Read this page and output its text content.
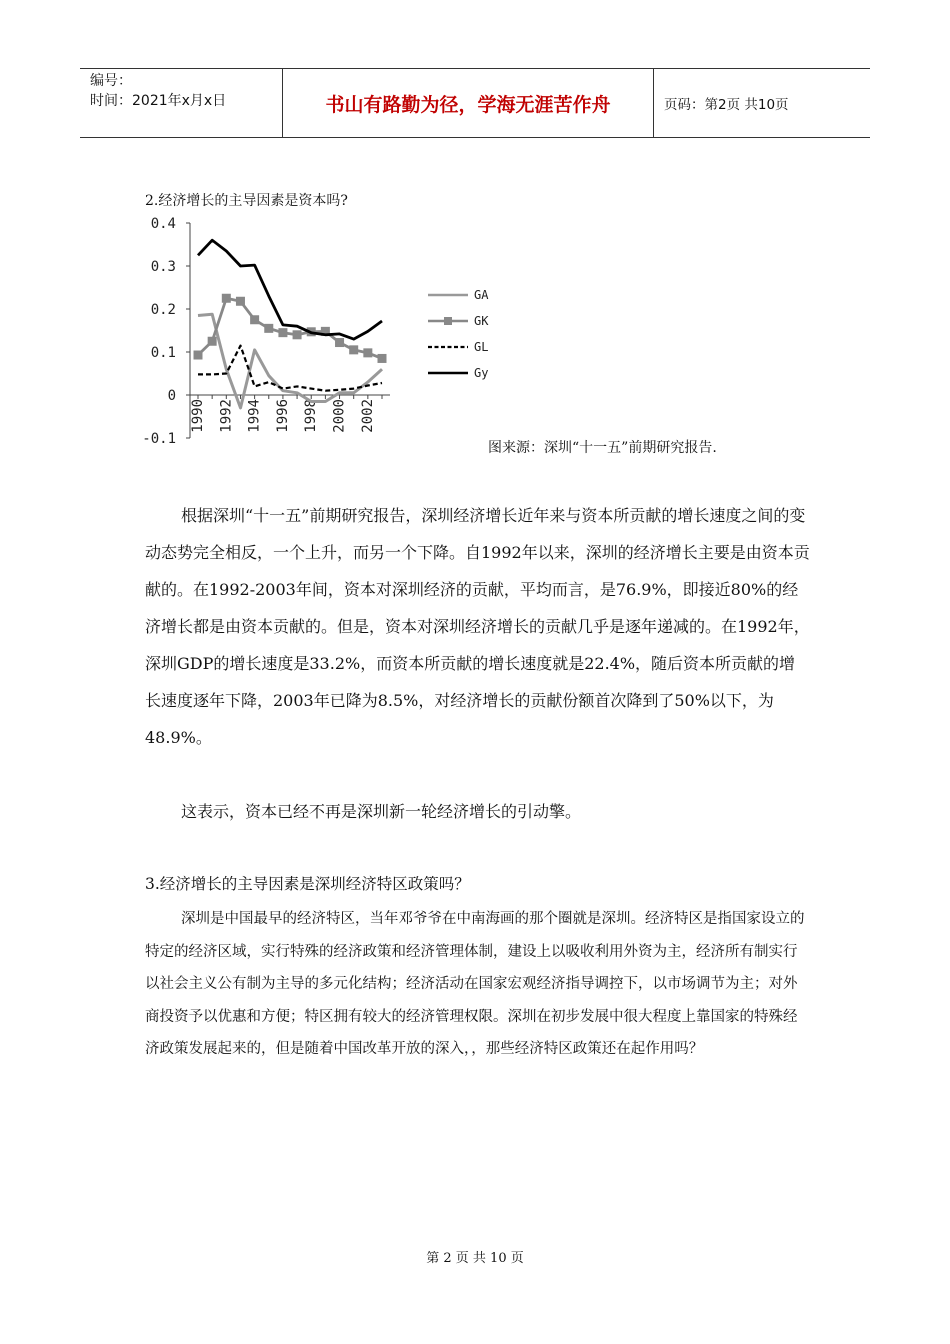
编号：
时间：2021年x月x日	书山有路勤为径，学海无涯苦作舟	页码：第2页 共10页
2.经济增长的主导因素是资本吗?
0.4
0.3
0.2
0.1
0
-0.1
1990 1992 1994 1996 1998 2000 2002
GA
GK
GL
Gy
图来源：深圳“十一五”前期研究报告.

根据深圳“十一五”前期研究报告，深圳经济增长近年来与资本所贡献的增长速度之间的变动态势完全相反，一个上升，而另一个下降。自1992年以来，深圳的经济增长主要是由资本贡献的。在1992-2003年间，资本对深圳经济的贡献，平均而言，是76.9%，即接近80%的经济增长都是由资本贡献的。但是，资本对深圳经济增长的贡献几乎是逐年递减的。在1992年，深圳GDP的增长速度是33.2%，而资本所贡献的增长速度就是22.4%，随后资本所贡献的增长速度逐年下降，2003年已降为8.5%，对经济增长的贡献份额首次降到了50%以下，为48.9%。

这表示，资本已经不再是深圳新一轮经济增长的引动擎。

3.经济增长的主导因素是深圳经济特区政策吗？

深圳是中国最早的经济特区，当年邓爷爷在中南海画的那个圈就是深圳。经济特区是指国家设立的特定的经济区域，实行特殊的经济政策和经济管理体制，建设上以吸收利用外资为主，经济所有制实行以社会主义公有制为主导的多元化结构；经济活动在国家宏观经济指导调控下，以市场调节为主；对外商投资予以优惠和方便；特区拥有较大的经济管理权限。深圳在初步发展中很大程度上靠国家的特殊经济政策发展起来的，但是随着中国改革开放的深入，，那些经济特区政策还在起作用吗？

第 2 页 共 10 页
